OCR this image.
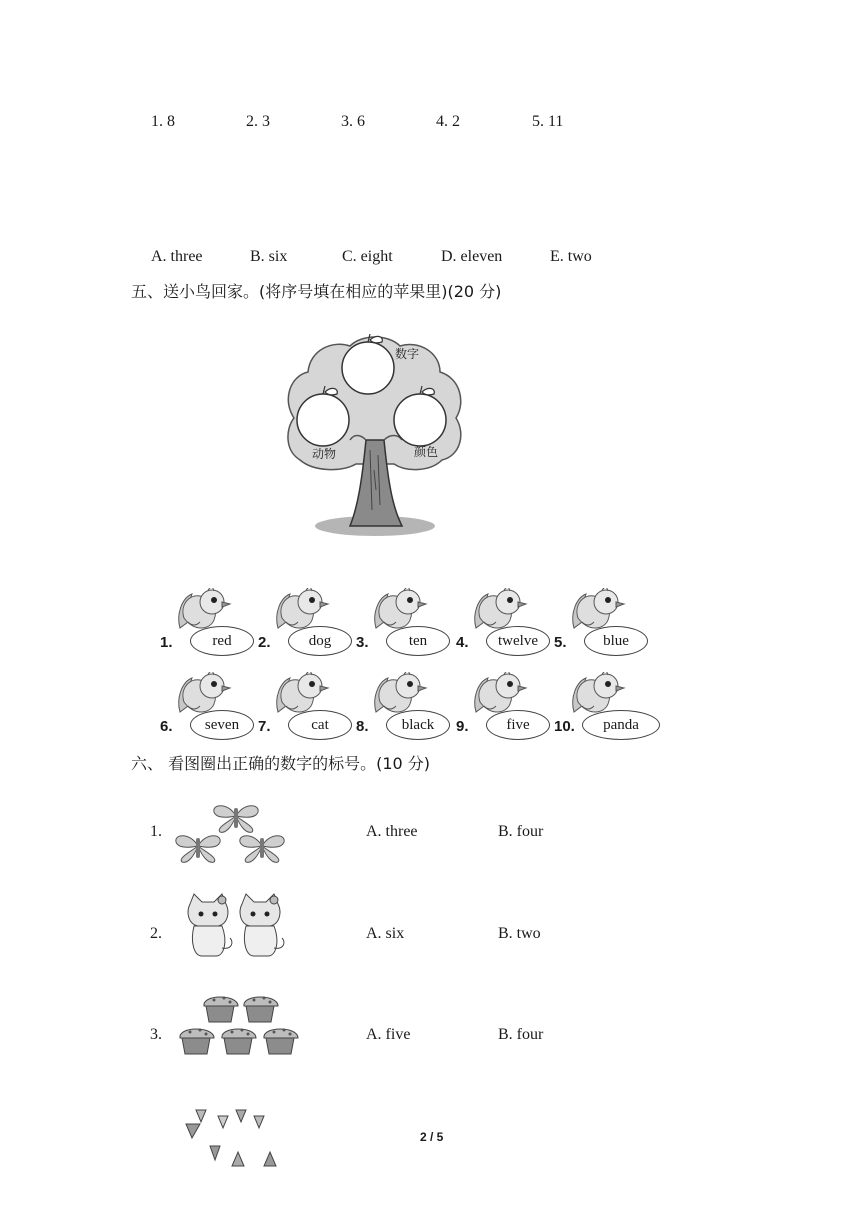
1. 8	2. 3	3. 6	4. 2	5. 11
A. three	B. six	C. eight	D. eleven	E. two
五、送小鸟回家。(将序号填在相应的苹果里)(20 分)
数字
动物	颜色
1.	red 2.	dog 3.	ten 4. twelve 5. blue
6. seven 7.	cat 8. black 9.	five 10. panda
六、 看图圈出正确的数字的标号。(10 分)
1.	A. three	B. four
2.	A. six	B. two
3.	A. five	B. four
2 / 5
